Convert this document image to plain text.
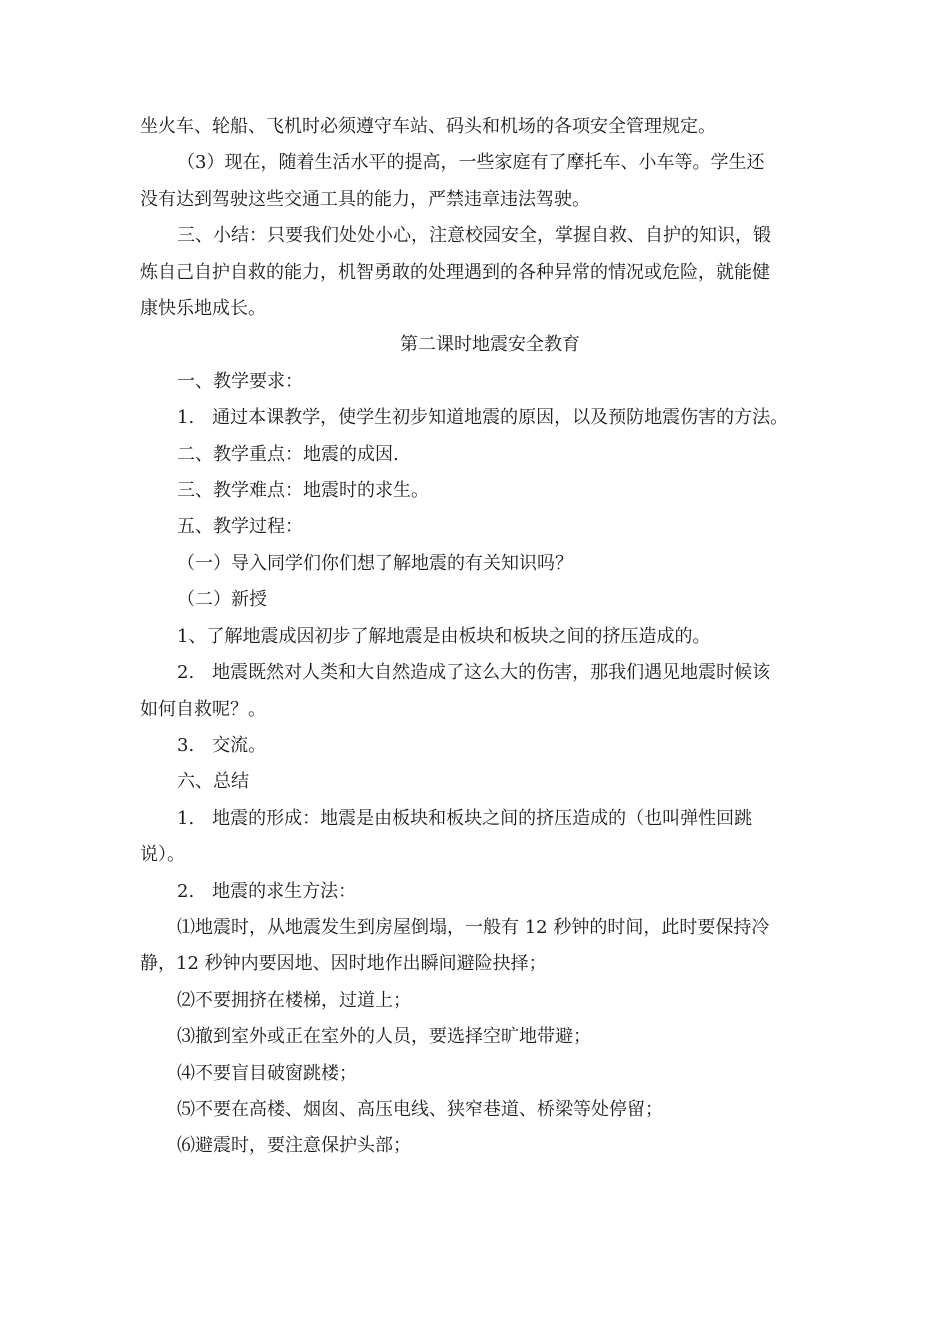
坐火车、轮船、飞机时必须遵守车站、码头和机场的各项安全管理规定。

（3）现在，随着生活水平的提高，一些家庭有了摩托车、小车等。学生还

没有达到驾驶这些交通工具的能力，严禁违章违法驾驶。

三、小结：只要我们处处小心，注意校园安全，掌握自救、自护的知识，锻

炼自己自护自救的能力，机智勇敢的处理遇到的各种异常的情况或危险，就能健

康快乐地成长。

第二课时地震安全教育

一、教学要求：

1.　通过本课教学，使学生初步知道地震的原因，以及预防地震伤害的方法。

二、教学重点：地震的成因.

三、教学难点：地震时的求生。

五、教学过程：

（一）导入同学们你们想了解地震的有关知识吗？

（二）新授

1、了解地震成因初步了解地震是由板块和板块之间的挤压造成的。

2.　地震既然对人类和大自然造成了这么大的伤害，那我们遇见地震时候该

如何自救呢？。

3.　交流。

六、总结

1.　地震的形成：地震是由板块和板块之间的挤压造成的（也叫弹性回跳

说）。

2.　地震的求生方法：

⑴地震时，从地震发生到房屋倒塌，一般有 12 秒钟的时间，此时要保持冷

静，12 秒钟内要因地、因时地作出瞬间避险抉择；

⑵不要拥挤在楼梯，过道上；

⑶撤到室外或正在室外的人员，要选择空旷地带避；

⑷不要盲目破窗跳楼；

⑸不要在高楼、烟囱、高压电线、狭窄巷道、桥梁等处停留；

⑹避震时，要注意保护头部；
